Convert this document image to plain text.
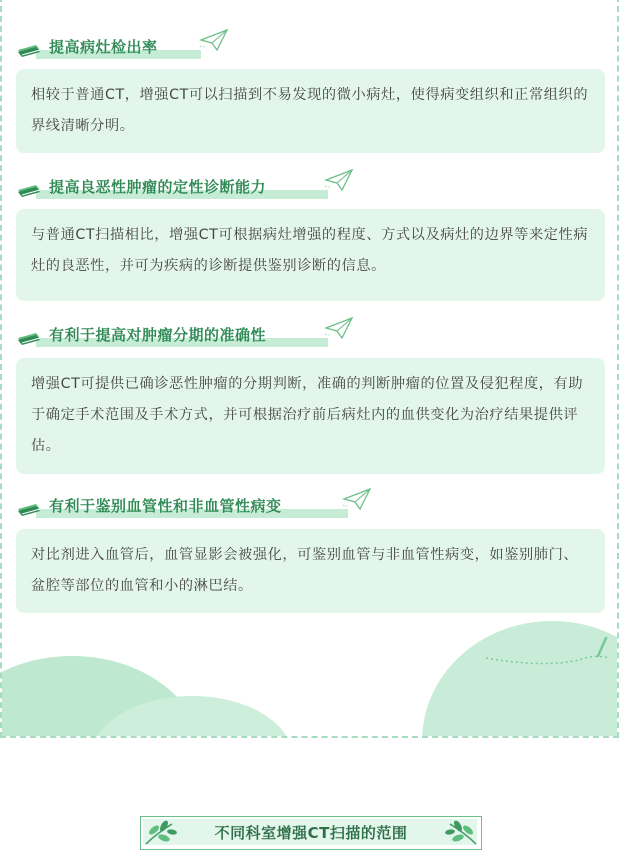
提高病灶检出率
相较于普通CT，增强CT可以扫描到不易发现的微小病灶，使得病变组织和正常组织的界线清晰分明。
提高良恶性肿瘤的定性诊断能力
与普通CT扫描相比，增强CT可根据病灶增强的程度、方式以及病灶的边界等来定性病灶的良恶性，并可为疾病的诊断提供鉴别诊断的信息。
有利于提高对肿瘤分期的准确性
增强CT可提供已确诊恶性肿瘤的分期判断，准确的判断肿瘤的位置及侵犯程度，有助于确定手术范围及手术方式，并可根据治疗前后病灶内的血供变化为治疗结果提供评估。
有利于鉴别血管性和非血管性病变
对比剂进入血管后，血管显影会被强化，可鉴别血管与非血管性病变，如鉴别肺门、盆腔等部位的血管和小的淋巴结。
不同科室增强CT扫描的范围
